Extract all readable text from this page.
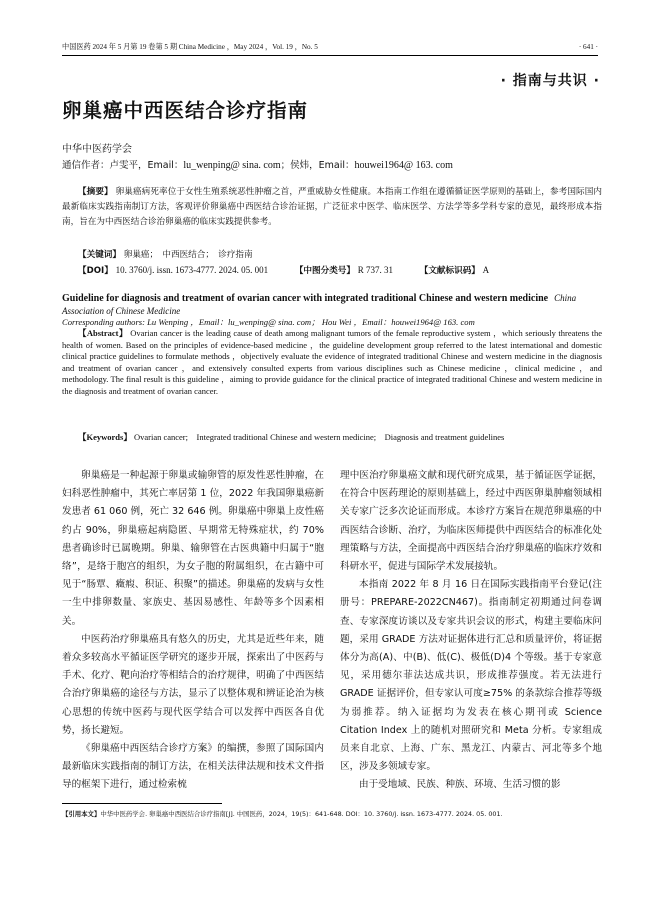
中国医药 2024 年 5 月第 19 卷第 5 期 China Medicine ，May 2024 ，Vol. 19 ，No. 5	· 641 ·
· 指南与共识 ·
卵巢癌中西医结合诊疗指南
中华中医药学会
通信作者：卢雯平，Email：lu_wenping@ sina. com；侯炜，Email：houwei1964@ 163. com
【摘要】 卵巢癌病死率位于女性生殖系统恶性肿瘤之首，严重威胁女性健康。本指南工作组在遵循循证医学原则的基础上，参考国际国内最新临床实践指南制订方法，客观评价卵巢癌中西医结合诊治证据，广泛征求中医学、临床医学、方法学等多学科专家的意见，最终形成本指南，旨在为中西医结合诊治卵巢癌的临床实践提供参考。
【关键词】 卵巢癌；　中西医结合；　诊疗指南
【DOI】 10. 3760/j. issn. 1673-4777. 2024. 05. 001	【中图分类号】 R 737. 31	【文献标识码】 A
Guideline for diagnosis and treatment of ovarian cancer with integrated traditional Chinese and western medicine China Association of Chinese Medicine
Corresponding authors: Lu Wenping ，Email：lu_wenping@ sina. com； Hou Wei ，Email：houwei1964@ 163. com
【Abstract】 Ovarian cancer is the leading cause of death among malignant tumors of the female reproductive system ，which seriously threatens the health of women. Based on the principles of evidence-based medicine ，the guideline development group referred to the latest international and domestic clinical practice guidelines to formulate methods ，objectively evaluate the evidence of integrated traditional Chinese and western medicine in the diagnosis and treatment of ovarian cancer ，and extensively consulted experts from various disciplines such as Chinese medicine ，clinical medicine ，and methodology. The final result is this guideline ，aiming to provide guidance for the clinical practice of integrated traditional Chinese and western medicine in the diagnosis and treatment of ovarian cancer.
【Keywords】 Ovarian cancer;　Integrated traditional Chinese and western medicine;　Diagnosis and treatment guidelines

卵巢癌是一种起源于卵巢或输卵管的原发性恶性肿瘤，在妇科恶性肿瘤中，其死亡率居第 1 位，2022 年我国卵巢癌新发患者 61 060 例，死亡 32 646 例。卵巢癌中卵巢上皮性癌约占 90%，卵巢癌起病隐匿、早期常无特殊症状，约 70% 患者确诊时已属晚期。卵巢、输卵管在古医典籍中归属于“胞络”，是络于胞宫的组织，为女子胞的附属组织，在古籍中可见于“肠覃、癥瘕、积证、积聚”的描述。卵巢癌的发病与女性一生中排卵数量、家族史、基因易感性、年龄等多个因素相关。

中医药治疗卵巢癌具有悠久的历史，尤其是近些年来，随着众多较高水平循证医学研究的逐步开展，探索出了中医药与手术、化疗、靶向治疗等相结合的治疗规律，明确了中西医结合治疗卵巢癌的途径与方法，显示了以整体观和辨证论治为核心思想的传统中医药与现代医学结合可以发挥中西医各自优势，扬长避短。

《卵巢癌中西医结合诊疗方案》的编撰，参照了国际国内最新临床实践指南的制订方法，在相关法律法规和技术文件指导的框架下进行，通过检索梳

理中医治疗卵巢癌文献和现代研究成果，基于循证医学证据，在符合中医药理论的原则基础上，经过中西医卵巢肿瘤领域相关专家广泛多次论证而形成。本诊疗方案旨在规范卵巢癌的中西医结合诊断、治疗，为临床医师提供中西医结合的标准化处理策略与方法，全面提高中西医结合治疗卵巢癌的临床疗效和科研水平，促进与国际学术发展接轨。

本指南 2022 年 8 月 16 日在国际实践指南平台登记(注册号：PREPARE-2022CN467)。指南制定初期通过问卷调查、专家深度访谈以及专家共识会议的形式，构建主要临床问题，采用 GRADE 方法对证据体进行汇总和质量评价，将证据体分为高(A)、中(B)、低(C)、极低(D)4 个等级。基于专家意见，采用德尔菲法达成共识，形成推荐强度。若无法进行 GRADE 证据评价，但专家认可度≥75% 的条款综合推荐等级为弱推荐。纳入证据均为发表在核心期刊或 Science Citation Index 上的随机对照研究和 Meta 分析。专家组成员来自北京、上海、广东、黑龙江、内蒙古、河北等多个地区，涉及多领域专家。

由于受地域、民族、种族、环境、生活习惯的影

【引用本文】中华中医药学会. 卵巢癌中西医结合诊疗指南[J]. 中国医药，2024，19(5)：641-648. DOI：10. 3760/j. issn. 1673-4777. 2024. 05. 001.
